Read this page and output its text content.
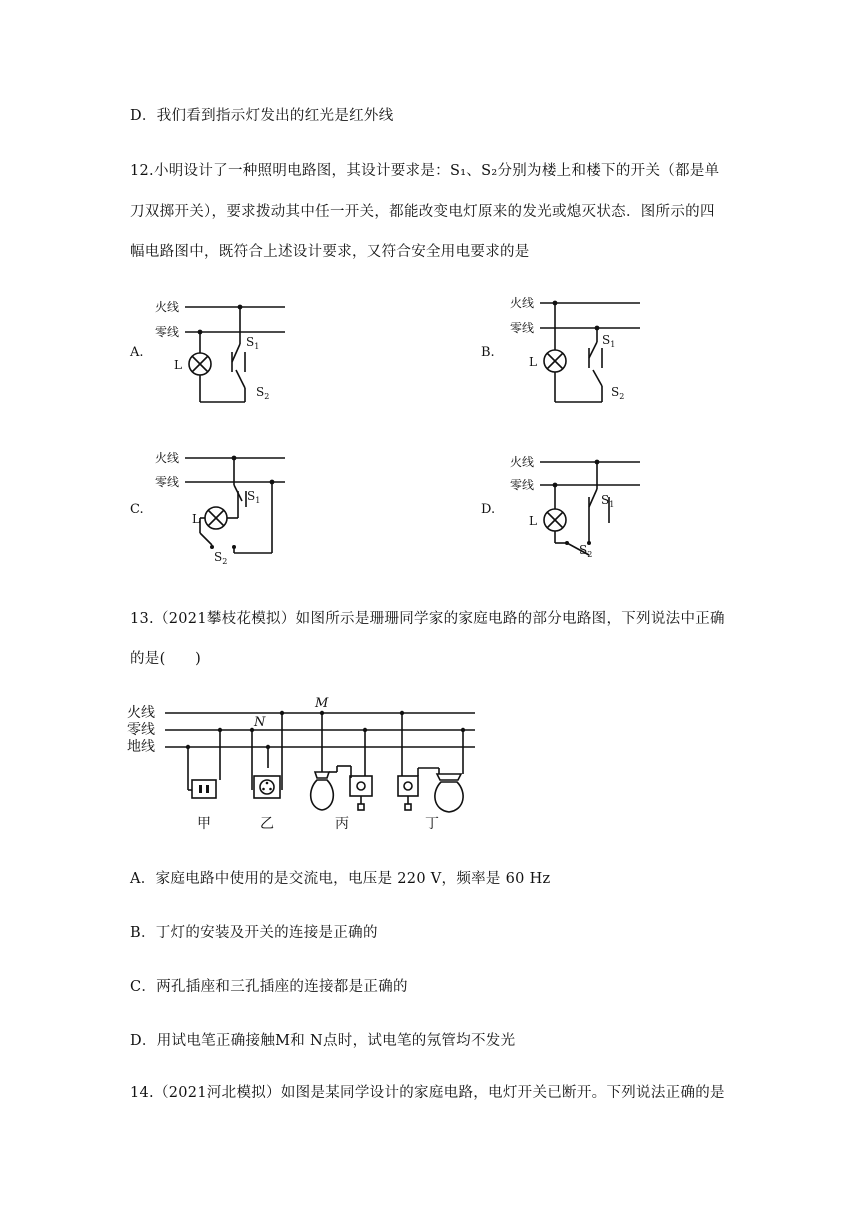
D．我们看到指示灯发出的红光是红外线
12.小明设计了一种照明电路图，其设计要求是：S₁、S₂分别为楼上和楼下的开关（都是单
刀双掷开关），要求拨动其中任一开关，都能改变电灯原来的发光或熄灭状态．图所示的四
幅电路图中，既符合上述设计要求，又符合安全用电要求的是
A.	B.
C.	D.
火线
零线
L
$S_1$
$S_2$
火线
零线
L
$S_1$
$S_2$
火线
零线
$S_1$
L
$S_2$
火线
零线
L
$S_1$
$S_2$
13.（2021攀枝花模拟）如图所示是珊珊同学家的家庭电路的部分电路图，下列说法中正确
的是(　　)
火线
零线
地线
M
N
甲	乙	丙	丁
A．家庭电路中使用的是交流电，电压是 220 V，频率是 60 Hz
B．丁灯的安装及开关的连接是正确的
C．两孔插座和三孔插座的连接都是正确的
D．用试电笔正确接触M和 N点时，试电笔的氖管均不发光
14.（2021河北模拟）如图是某同学设计的家庭电路，电灯开关已断开。下列说法正确的是
